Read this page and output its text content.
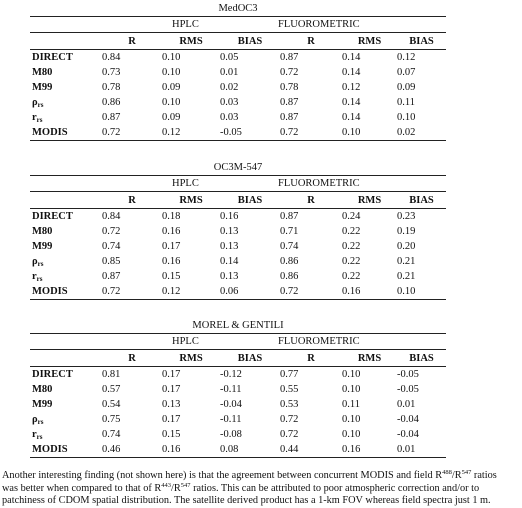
MedOC3
HPLC	FLUOROMETRIC
	R	RMS	BIAS	R	RMS	BIAS
DIRECT	0.84	0.10	0.05	0.87	0.14	0.12
M80	0.73	0.10	0.01	0.72	0.14	0.07
M99	0.78	0.09	0.02	0.78	0.12	0.09
ρrs	0.86	0.10	0.03	0.87	0.14	0.11
rrs	0.87	0.09	0.03	0.87	0.14	0.10
MODIS	0.72	0.12	-0.05	0.72	0.10	0.02
OC3M-547
HPLC	FLUOROMETRIC
	R	RMS	BIAS	R	RMS	BIAS
DIRECT	0.84	0.18	0.16	0.87	0.24	0.23
M80	0.72	0.16	0.13	0.71	0.22	0.19
M99	0.74	0.17	0.13	0.74	0.22	0.20
ρrs	0.85	0.16	0.14	0.86	0.22	0.21
rrs	0.87	0.15	0.13	0.86	0.22	0.21
MODIS	0.72	0.12	0.06	0.72	0.16	0.10
MOREL & GENTILI
HPLC	FLUOROMETRIC
	R	RMS	BIAS	R	RMS	BIAS
DIRECT	0.81	0.17	-0.12	0.77	0.10	-0.05
M80	0.57	0.17	-0.11	0.55	0.10	-0.05
M99	0.54	0.13	-0.04	0.53	0.11	0.01
ρrs	0.75	0.17	-0.11	0.72	0.10	-0.04
rrs	0.74	0.15	-0.08	0.72	0.10	-0.04
MODIS	0.46	0.16	0.08	0.44	0.16	0.01
Another interesting finding (not shown here) is that the agreement between concurrent MODIS and field $R^{488}/R^{547}$ ratios
was better when compared to that of $R^{443}/R^{547}$ ratios. This can be attributed to poor atmospheric correction and/or to
patchiness of CDOM spatial distribution. The satellite derived product has a 1-km FOV whereas field spectra just 1 m.
